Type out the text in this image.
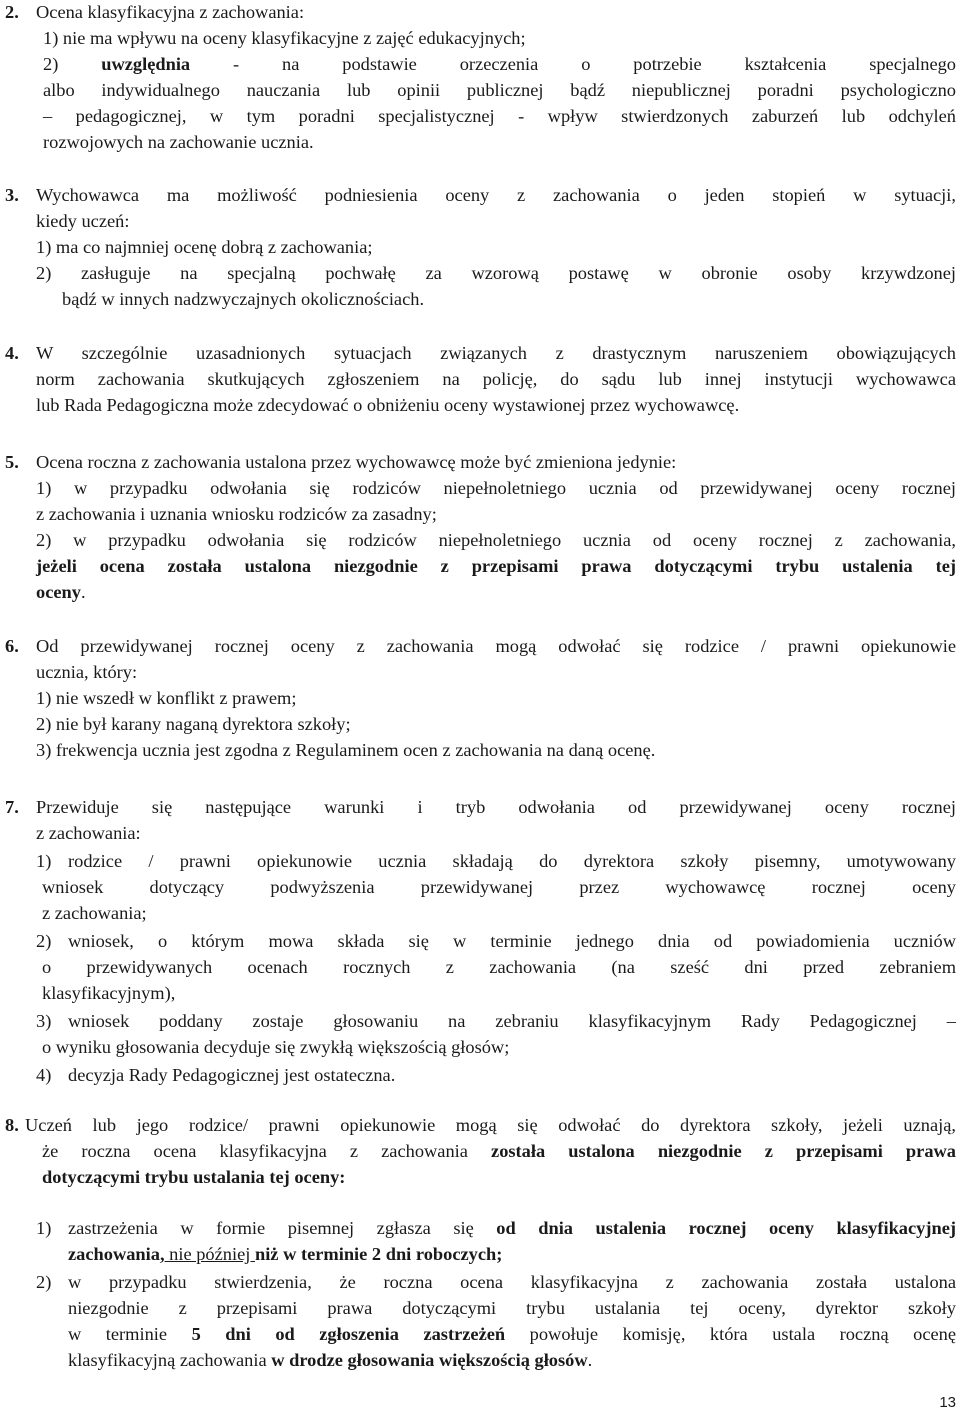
2. Ocena klasyfikacyjna z zachowania:
1) nie ma wpływu na oceny klasyfikacyjne z zajęć edukacyjnych;
2) uwzględnia - na podstawie orzeczenia o potrzebie kształcenia specjalnego
albo indywidualnego nauczania lub opinii publicznej bądź niepublicznej poradni psychologiczno
– pedagogicznej, w tym poradni specjalistycznej - wpływ stwierdzonych zaburzeń lub odchyleń
rozwojowych na zachowanie ucznia.
3. Wychowawca ma możliwość podniesienia oceny z zachowania o jeden stopień w sytuacji,
kiedy uczeń:
1) ma co najmniej ocenę dobrą z zachowania;
2) zasługuje na specjalną pochwałę za wzorową postawę w obronie osoby krzywdzonej
bądź w innych nadzwyczajnych okolicznościach.
4. W szczególnie uzasadnionych sytuacjach związanych z drastycznym naruszeniem obowiązujących
norm zachowania skutkujących zgłoszeniem na policję, do sądu lub innej instytucji wychowawca
lub Rada Pedagogiczna może zdecydować o obniżeniu oceny wystawionej przez wychowawcę.
5. Ocena roczna z zachowania ustalona przez wychowawcę może być zmieniona jedynie:
1) w przypadku odwołania się rodziców niepełnoletniego ucznia od przewidywanej oceny rocznej
z zachowania i uznania wniosku rodziców za zasadny;
2) w przypadku odwołania się rodziców niepełnoletniego ucznia od oceny rocznej z zachowania,
jeżeli ocena została ustalona niezgodnie z przepisami prawa dotyczącymi trybu ustalenia tej
oceny.
6. Od przewidywanej rocznej oceny z zachowania mogą odwołać się rodzice / prawni opiekunowie
ucznia, który:
1) nie wszedł w konflikt z prawem;
2) nie był karany naganą dyrektora szkoły;
3) frekwencja ucznia jest zgodna z Regulaminem ocen z zachowania na daną ocenę.
7. Przewiduje się następujące warunki i tryb odwołania od przewidywanej oceny rocznej
z zachowania:
1) rodzice / prawni opiekunowie ucznia składają do dyrektora szkoły pisemny, umotywowany
wniosek dotyczący podwyższenia przewidywanej przez wychowawcę rocznej oceny
z zachowania;
2) wniosek, o którym mowa składa się w terminie jednego dnia od powiadomienia uczniów
o przewidywanych ocenach rocznych z zachowania (na sześć dni przed zebraniem
klasyfikacyjnym),
3) wniosek poddany zostaje głosowaniu na zebraniu klasyfikacyjnym Rady Pedagogicznej –
o wyniku głosowania decyduje się zwykłą większością głosów;
4) decyzja Rady Pedagogicznej jest ostateczna.
8. Uczeń lub jego rodzice/ prawni opiekunowie mogą się odwołać do dyrektora szkoły, jeżeli uznają,
że roczna ocena klasyfikacyjna z zachowania została ustalona niezgodnie z przepisami prawa
dotyczącymi trybu ustalania tej oceny:
1) zastrzeżenia w formie pisemnej zgłasza się od dnia ustalenia rocznej oceny klasyfikacyjnej
zachowania, nie później niż w terminie 2 dni roboczych;
2) w przypadku stwierdzenia, że roczna ocena klasyfikacyjna z zachowania została ustalona
niezgodnie z przepisami prawa dotyczącymi trybu ustalania tej oceny, dyrektor szkoły
w terminie 5 dni od zgłoszenia zastrzeżeń powołuje komisję, która ustala roczną ocenę
klasyfikacyjną zachowania w drodze głosowania większością głosów.
13
